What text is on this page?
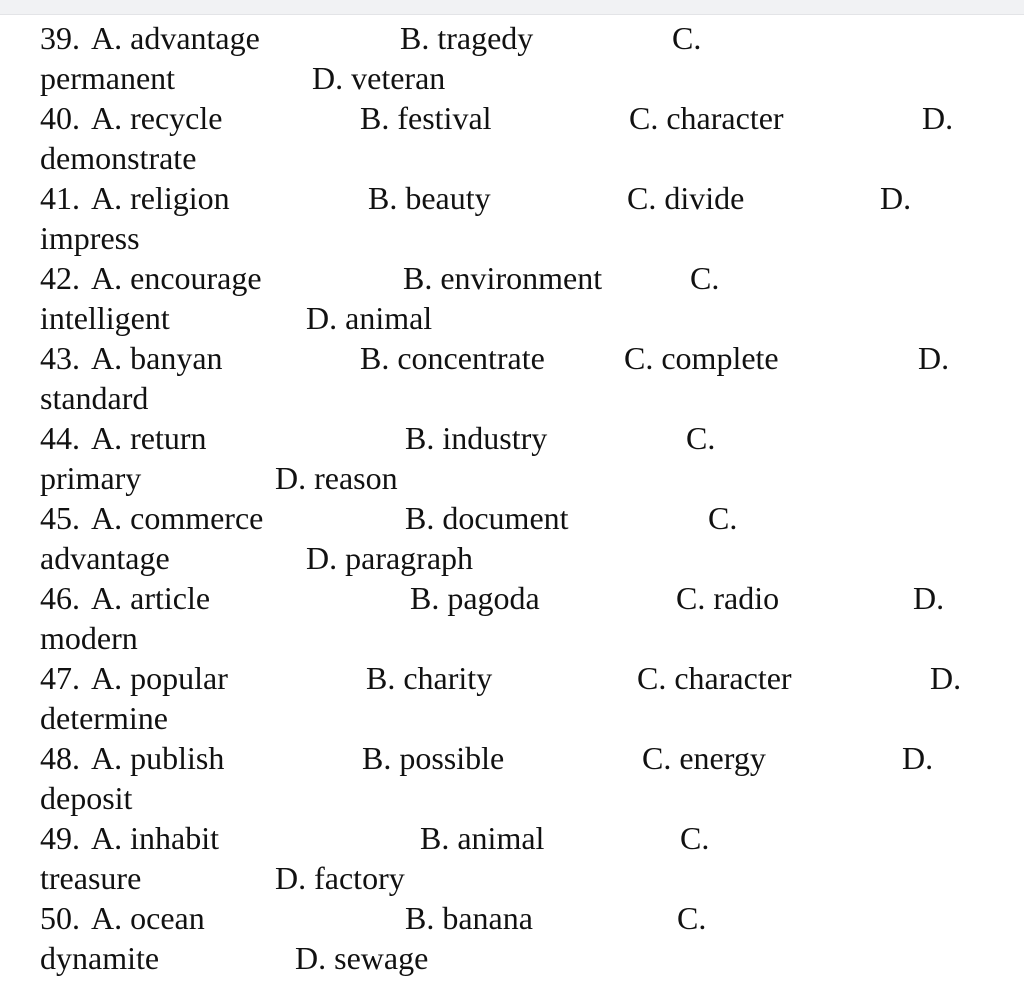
39. A. advantage	B. tragedy	C.
permanent	D. veteran
40. A. recycle	B. festival	C. character	D.
demonstrate
41. A. religion	B. beauty	C. divide	D.
impress
42. A. encourage	B. environment	C.
intelligent	D. animal
43. A. banyan	B. concentrate C. complete	D.
standard
44. A. return	B. industry	C.
primary	D. reason
45. A. commerce	B. document	C.
advantage	D. paragraph
46. A. article	B. pagoda	C. radio	D.
modern
47. A. popular	B. charity	C. character	D.
determine
48. A. publish	B. possible	C. energy	D.
deposit
49. A. inhabit	B. animal	C.
treasure	D. factory
50. A. ocean	B. banana	C.
dynamite	D. sewage
